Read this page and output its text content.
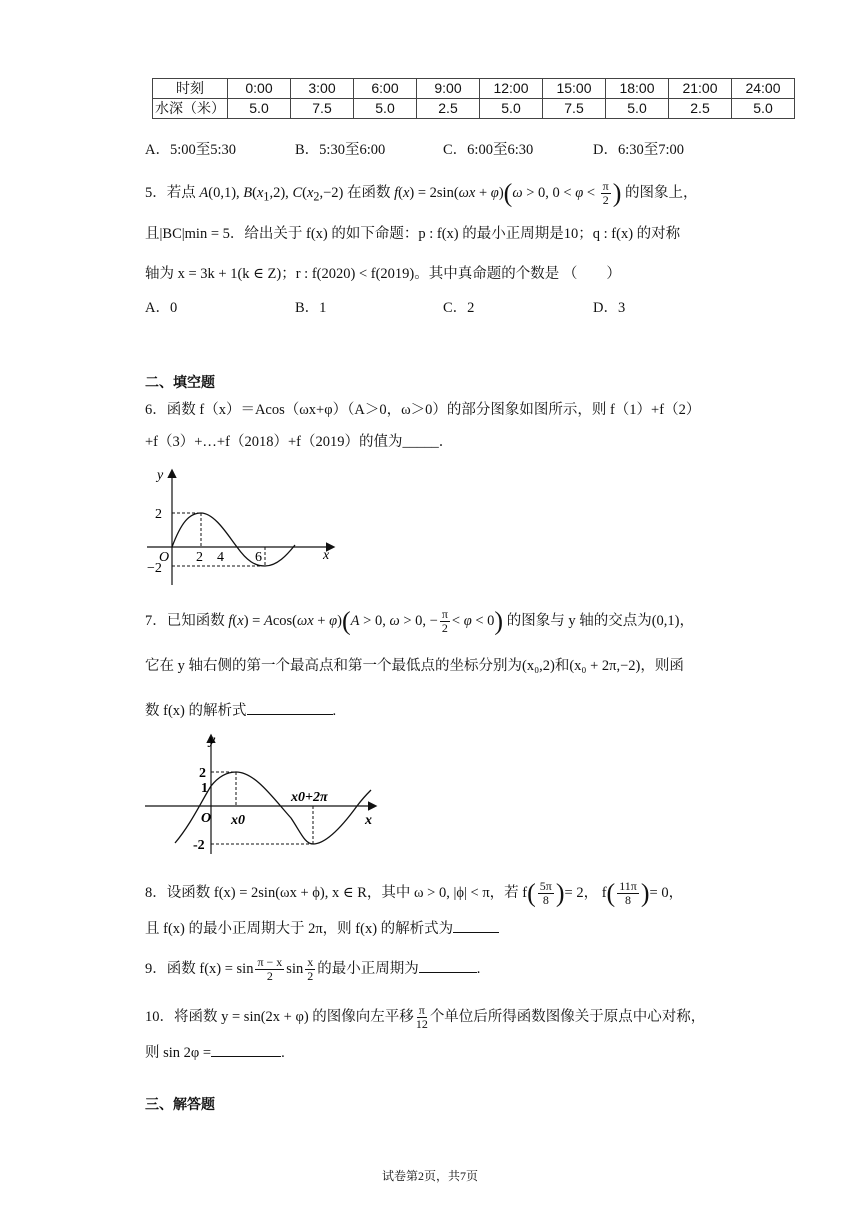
时刻	0:00	3:00	6:00	9:00	12:00	15:00	18:00	21:00	24:00
水深（米）	5.0	7.5	5.0	2.5	5.0	7.5	5.0	2.5	5.0
A．5:00至5:30	B．5:30至6:00	C．6:00至6:30	D．6:30至7:00
5．若点 A(0,1), $B(x_1,2)$, $C(x_2,-2)$ 在函数 f(x) = 2sin(ωx + φ)(ω > 0, $0 < \varphi < \frac{\pi}{2}$ ) 的图象上，
且|BC|min = 5．给出关于 f(x) 的如下命题：p : f(x) 的最小正周期是10；q : f(x) 的对称
轴为 x = 3k + 1(k ∈ Z)；r : f(2020) < f(2019)。其中真命题的个数是 （　　）
A．0	B．1	C．2	D．3
二、填空题
6．函数 f（x）＝Acos（ωx+φ）（A＞0，ω＞0）的部分图象如图所示，则 f（1）+f（2）
+f（3）+…+f（2018）+f（2019）的值为_____．
y
x
O
2
−2
2 4 6
7．已知函数 f(x) = Acos(ωx + φ)(A > 0, ω > 0, − $\frac{\pi}{2} < \varphi < 0$) 的图象与 y 轴的交点为(0,1)，
它在 y 轴右侧的第一个最高点和第一个最低点的坐标分别为(x₀,2)和(x₀ + 2π,−2)，则函
数 f(x) 的解析式	.
y
x
O
2
1
-2
x0
x0+2π
8．设函数 f(x) = 2sin(ωx + ϕ), x ∈ R，其中 ω > 0, |ϕ| < π，若 $f( \frac{5\pi}{8}$ )= 2， $f( \frac{11\pi}{8}$ )= 0，
且 f(x) 的最小正周期大于 2π，则 f(x) 的解析式为
9．函数 $f(x) = \sin \frac{\pi - x}{2}$ $\sin \frac{x}{2}$ 的最小正周期为	.
10．将函数 y = sin(2x + φ) 的图像向左平移 $\frac{\pi}{12}$ 个单位后所得函数图像关于原点中心对称，
则 sin 2φ =	.
三、解答题
试卷第2页，共7页
